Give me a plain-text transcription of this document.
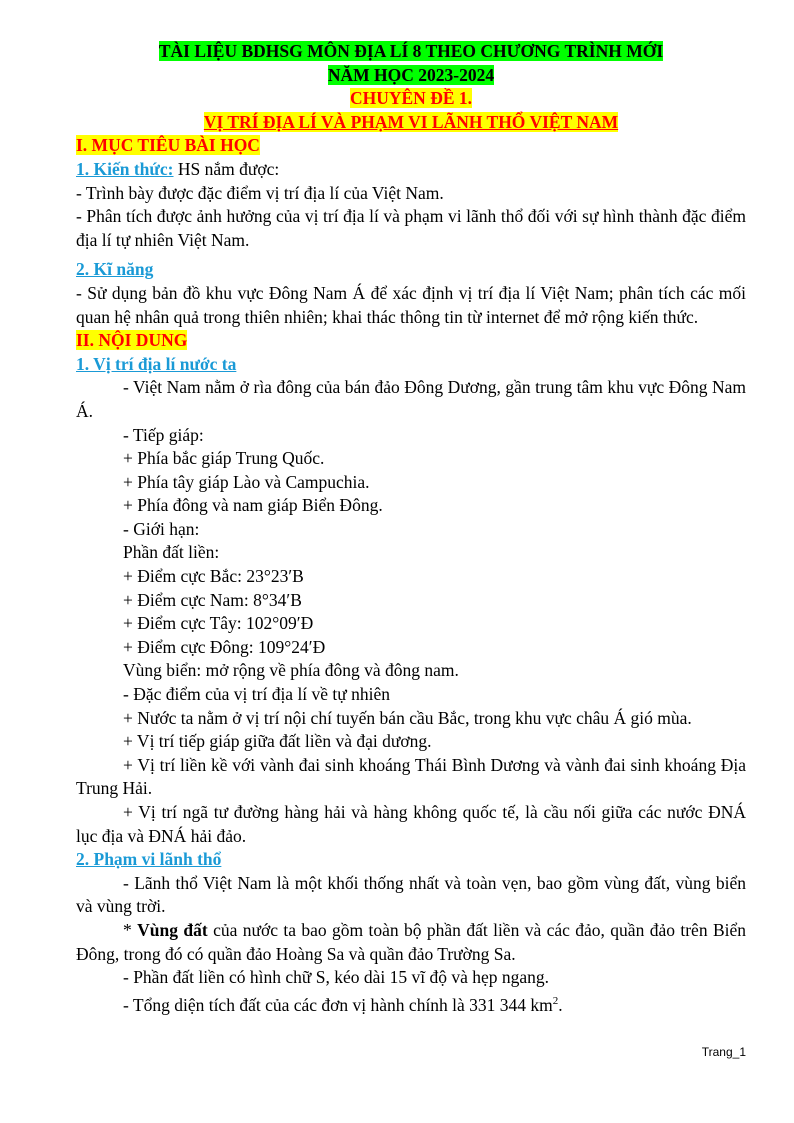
TÀI LIỆU BDHSG MÔN ĐỊA LÍ 8 THEO CHƯƠNG TRÌNH MỚI

NĂM HỌC 2023-2024

CHUYÊN ĐỀ 1.

VỊ TRÍ ĐỊA LÍ VÀ PHẠM VI LÃNH THỔ VIỆT NAM

I. MỤC TIÊU BÀI HỌC

1. Kiến thức: HS nắm được:

- Trình bày được đặc điểm vị trí địa lí của Việt Nam.

- Phân tích được ảnh hưởng của vị trí địa lí và phạm vi lãnh thổ đối với sự hình thành đặc điểm địa lí tự nhiên Việt Nam.

2. Kĩ năng

- Sử dụng bản đồ khu vực Đông Nam Á để xác định vị trí địa lí Việt Nam; phân tích các mối quan hệ nhân quả trong thiên nhiên; khai thác thông tin từ internet để mở rộng kiến thức.

II. NỘI DUNG

1. Vị trí địa lí nước ta

- Việt Nam nằm ở rìa đông của bán đảo Đông Dương, gần trung tâm khu vực Đông Nam Á.

- Tiếp giáp:

+ Phía bắc giáp Trung Quốc.

+ Phía tây giáp Lào và Campuchia.

+ Phía đông và nam giáp Biển Đông.

- Giới hạn:

Phần đất liền:

+ Điểm cực Bắc: 23°23′B

+ Điểm cực Nam: 8°34′B

+ Điểm cực Tây: 102°09′Đ

+ Điểm cực Đông: 109°24′Đ

Vùng biển: mở rộng về phía đông và đông nam.

- Đặc điểm của vị trí địa lí về tự nhiên

+ Nước ta nằm ở vị trí nội chí tuyến bán cầu Bắc, trong khu vực châu Á gió mùa.

+ Vị trí tiếp giáp giữa đất liền và đại dương.

+ Vị trí liền kề với vành đai sinh khoáng Thái Bình Dương và vành đai sinh khoáng Địa Trung Hải.

+ Vị trí ngã tư đường hàng hải và hàng không quốc tế, là cầu nối giữa các nước ĐNÁ lục địa và ĐNÁ hải đảo.

2. Phạm vi lãnh thổ

- Lãnh thổ Việt Nam là một khối thống nhất và toàn vẹn, bao gồm vùng đất, vùng biển và vùng trời.

* Vùng đất của nước ta bao gồm toàn bộ phần đất liền và các đảo, quần đảo trên Biển Đông, trong đó có quần đảo Hoàng Sa và quần đảo Trường Sa.

- Phần đất liền có hình chữ S, kéo dài 15 vĩ độ và hẹp ngang.

- Tổng diện tích đất của các đơn vị hành chính là 331 344 $km^2$.

Trang_1
